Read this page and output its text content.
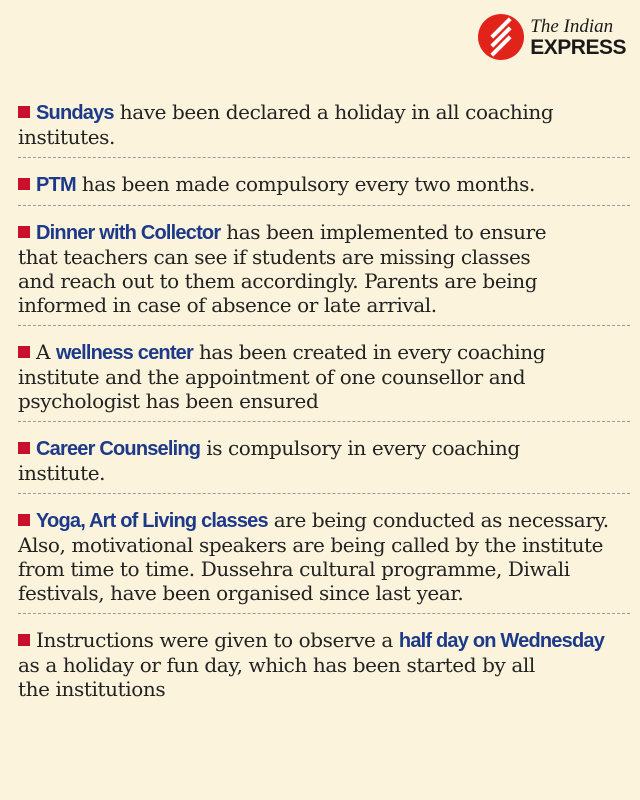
The Indian
EXPRESS
Sundays have been declared a holiday in all coaching
institutes.
PTM has been made compulsory every two months.
Dinner with Collector has been implemented to ensure
that teachers can see if students are missing classes
and reach out to them accordingly. Parents are being
informed in case of absence or late arrival.
A wellness center has been created in every coaching
institute and the appointment of one counsellor and
psychologist has been ensured
Career Counseling is compulsory in every coaching
institute.
Yoga, Art of Living classes are being conducted as necessary.
Also, motivational speakers are being called by the institute
from time to time. Dussehra cultural programme, Diwali
festivals, have been organised since last year.
Instructions were given to observe a half day on Wednesday
as a holiday or fun day, which has been started by all
the institutions
